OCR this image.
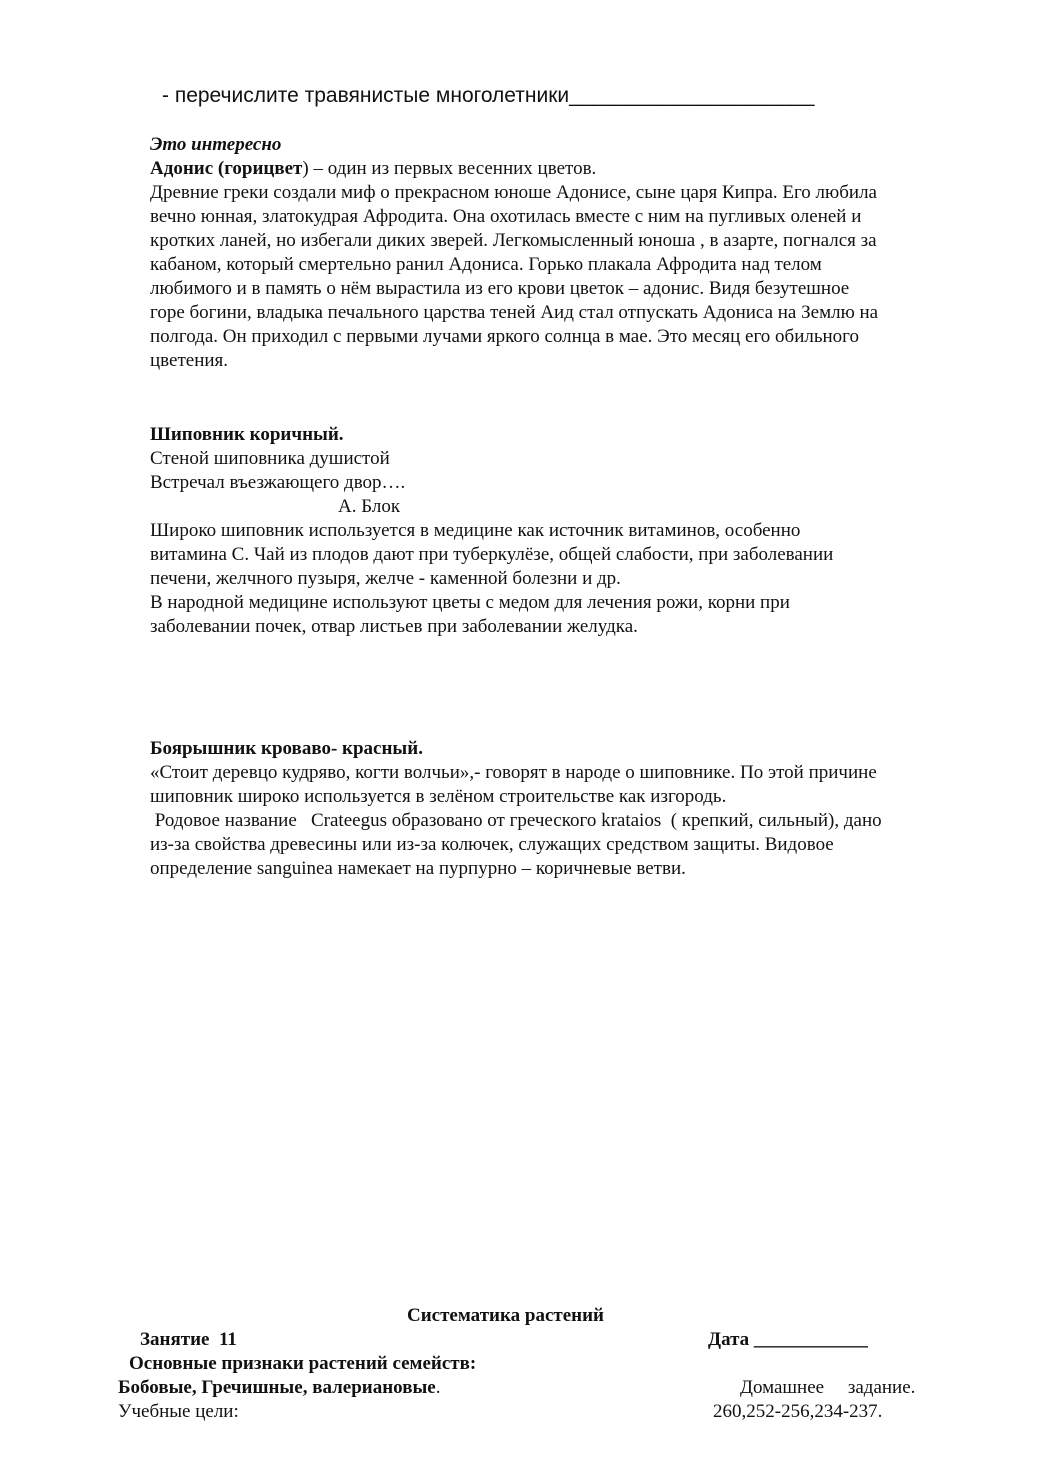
- перечислите травянистые многолетники_____________________
Это интересно
Адонис (горицвет) – один из первых весенних цветов.
Древние греки создали миф о прекрасном юноше Адонисе, сыне царя Кипра. Его любила
вечно юнная, златокудрая Афродита. Она охотилась вместе с ним на пугливых оленей и
кротких ланей, но избегали диких зверей. Легкомысленный юноша , в азарте, погнался за
кабаном, который смертельно ранил Адониса. Горько плакала Афродита над телом
любимого и в память о нём вырастила из его крови цветок – адонис. Видя безутешное
горе богини, владыка печального царства теней Аид стал отпускать Адониса на Землю на
полгода. Он приходил с первыми лучами яркого солнца в мае. Это месяц его обильного
цветения.
Шиповник коричный.
Стеной шиповника душистой
Встречал въезжающего двор….
А. Блок
Широко шиповник используется в медицине как источник витаминов, особенно
витамина С. Чай из плодов дают при туберкулёзе, общей слабости, при заболевании
печени, желчного пузыря, желче - каменной болезни и др.
В народной медицине используют цветы с медом для лечения рожи, корни при
заболевании почек, отвар листьев при заболевании желудка.
Боярышник кроваво- красный.
«Стоит деревцо кудряво, когти волчьи»,- говорят в народе о шиповнике. По этой причине
шиповник широко используется в зелёном строительстве как изгородь.
Родовое название   Crateegus образовано от греческого krataios  ( крепкий, сильный), дано
из-за свойства древесины или из-за колючек, служащих средством защиты. Видовое
определение sanguinea намекает на пурпурно – коричневые ветви.
Систематика растений
Занятие  11	Дата ____________
Основные признаки растений семейств:
Бобовые, Гречишные, валериановые.	Домашнее     задание.
Учебные цели:	260,252-256,234-237.
